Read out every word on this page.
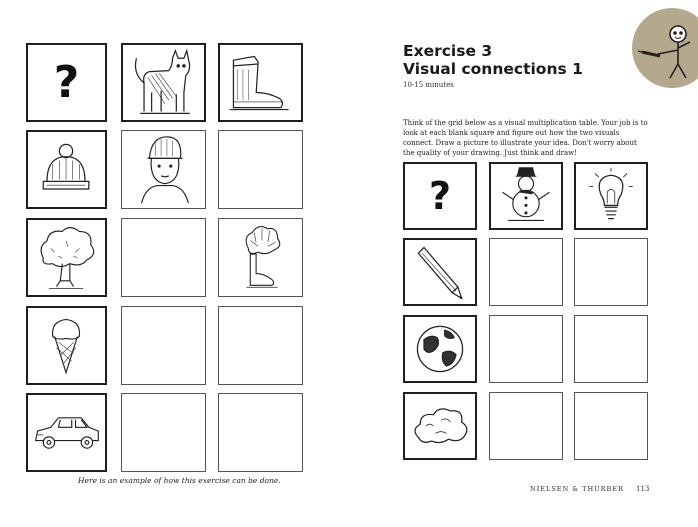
?
Here is an example of how this exercise can be done.
Exercise 3
Visual connections 1
10-15 minutes

Think of the grid below as a visual multiplication table. Your job is to look at each blank square and figure out how the two visuals connect. Draw a picture to illustrate your idea. Don't worry about the quality of your drawing. Just think and draw!

?
NIELSEN & THURBER 113
